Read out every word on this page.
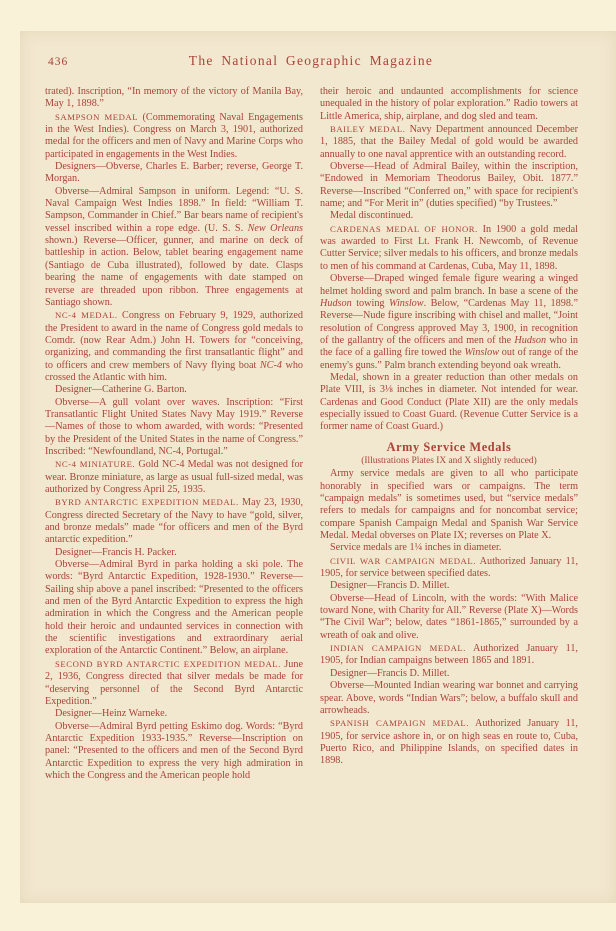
436	The National Geographic Magazine

trated). Inscription, “In memory of the victory of Manila Bay, May 1, 1898.”

SAMPSON MEDAL (Commemorating Naval Engagements in the West Indies). Congress on March 3, 1901, authorized medal for the officers and men of Navy and Marine Corps who participated in engagements in the West Indies.

Designers—Obverse, Charles E. Barber; reverse, George T. Morgan.

Obverse—Admiral Sampson in uniform. Legend: “U. S. Naval Campaign West Indies 1898.” In field: “William T. Sampson, Commander in Chief.” Bar bears name of recipient's vessel inscribed within a rope edge. (U. S. S. New Orleans shown.) Reverse—Officer, gunner, and marine on deck of battleship in action. Below, tablet bearing engagement name (Santiago de Cuba illustrated), followed by date. Clasps bearing the name of engagements with date stamped on reverse are threaded upon ribbon. Three engagements at Santiago shown.

NC-4 MEDAL. Congress on February 9, 1929, authorized the President to award in the name of Congress gold medals to Comdr. (now Rear Adm.) John H. Towers for “conceiving, organizing, and commanding the first transatlantic flight” and to officers and crew members of Navy flying boat NC-4 who crossed the Atlantic with him.

Designer—Catherine G. Barton.

Obverse—A gull volant over waves. Inscription: “First Transatlantic Flight United States Navy May 1919.” Reverse—Names of those to whom awarded, with words: “Presented by the President of the United States in the name of Congress.” Inscribed: “Newfoundland, NC-4, Portugal.”

NC-4 MINIATURE. Gold NC-4 Medal was not designed for wear. Bronze miniature, as large as usual full-sized medal, was authorized by Congress April 25, 1935.

BYRD ANTARCTIC EXPEDITION MEDAL. May 23, 1930, Congress directed Secretary of the Navy to have “gold, silver, and bronze medals” made “for officers and men of the Byrd antarctic expedition.”

Designer—Francis H. Packer.

Obverse—Admiral Byrd in parka holding a ski pole. The words: “Byrd Antarctic Expedition, 1928-1930.” Reverse—Sailing ship above a panel inscribed: “Presented to the officers and men of the Byrd Antarctic Expedition to express the high admiration in which the Congress and the American people hold their heroic and undaunted services in connection with the scientific investigations and extraordinary aerial exploration of the Antarctic Continent.” Below, an airplane.

SECOND BYRD ANTARCTIC EXPEDITION MEDAL. June 2, 1936, Congress directed that silver medals be made for “deserving personnel of the Second Byrd Antarctic Expedition.”

Designer—Heinz Warneke.

Obverse—Admiral Byrd petting Eskimo dog. Words: “Byrd Antarctic Expedition 1933-1935.” Reverse—Inscription on panel: “Presented to the officers and men of the Second Byrd Antarctic Expedition to express the very high admiration in which the Congress and the American people hold

their heroic and undaunted accomplishments for science unequaled in the history of polar exploration.” Radio towers at Little America, ship, airplane, and dog sled and team.

BAILEY MEDAL. Navy Department announced December 1, 1885, that the Bailey Medal of gold would be awarded annually to one naval apprentice with an outstanding record.

Obverse—Head of Admiral Bailey, within the inscription, “Endowed in Memoriam Theodorus Bailey, Obit. 1877.” Reverse—Inscribed “Conferred on,” with space for recipient's name; and “For Merit in” (duties specified) “by Trustees.”

Medal discontinued.

CARDENAS MEDAL OF HONOR. In 1900 a gold medal was awarded to First Lt. Frank H. Newcomb, of Revenue Cutter Service; silver medals to his officers, and bronze medals to men of his command at Cardenas, Cuba, May 11, 1898.

Obverse—Draped winged female figure wearing a winged helmet holding sword and palm branch. In base a scene of the Hudson towing Winslow. Below, “Cardenas May 11, 1898.” Reverse—Nude figure inscribing with chisel and mallet, “Joint resolution of Congress approved May 3, 1900, in recognition of the gallantry of the officers and men of the Hudson who in the face of a galling fire towed the Winslow out of range of the enemy's guns.” Palm branch extending beyond oak wreath.

Medal, shown in a greater reduction than other medals on Plate VIII, is 3⅛ inches in diameter. Not intended for wear. Cardenas and Good Conduct (Plate XII) are the only medals especially issued to Coast Guard. (Revenue Cutter Service is a former name of Coast Guard.)

Army Service Medals

(Illustrations Plates IX and X slightly reduced)

Army service medals are given to all who participate honorably in specified wars or campaigns. The term “campaign medals” is sometimes used, but “service medals” refers to medals for campaigns and for noncombat service; compare Spanish Campaign Medal and Spanish War Service Medal. Medal obverses on Plate IX; reverses on Plate X.

Service medals are 1¼ inches in diameter.

CIVIL WAR CAMPAIGN MEDAL. Authorized January 11, 1905, for service between specified dates.

Designer—Francis D. Millet.

Obverse—Head of Lincoln, with the words: “With Malice toward None, with Charity for All.” Reverse (Plate X)—Words “The Civil War”; below, dates “1861-1865,” surrounded by a wreath of oak and olive.

INDIAN CAMPAIGN MEDAL. Authorized January 11, 1905, for Indian campaigns between 1865 and 1891.

Designer—Francis D. Millet.

Obverse—Mounted Indian wearing war bonnet and carrying spear. Above, words “Indian Wars”; below, a buffalo skull and arrowheads.

SPANISH CAMPAIGN MEDAL. Authorized January 11, 1905, for service ashore in, or on high seas en route to, Cuba, Puerto Rico, and Philippine Islands, on specified dates in 1898.
